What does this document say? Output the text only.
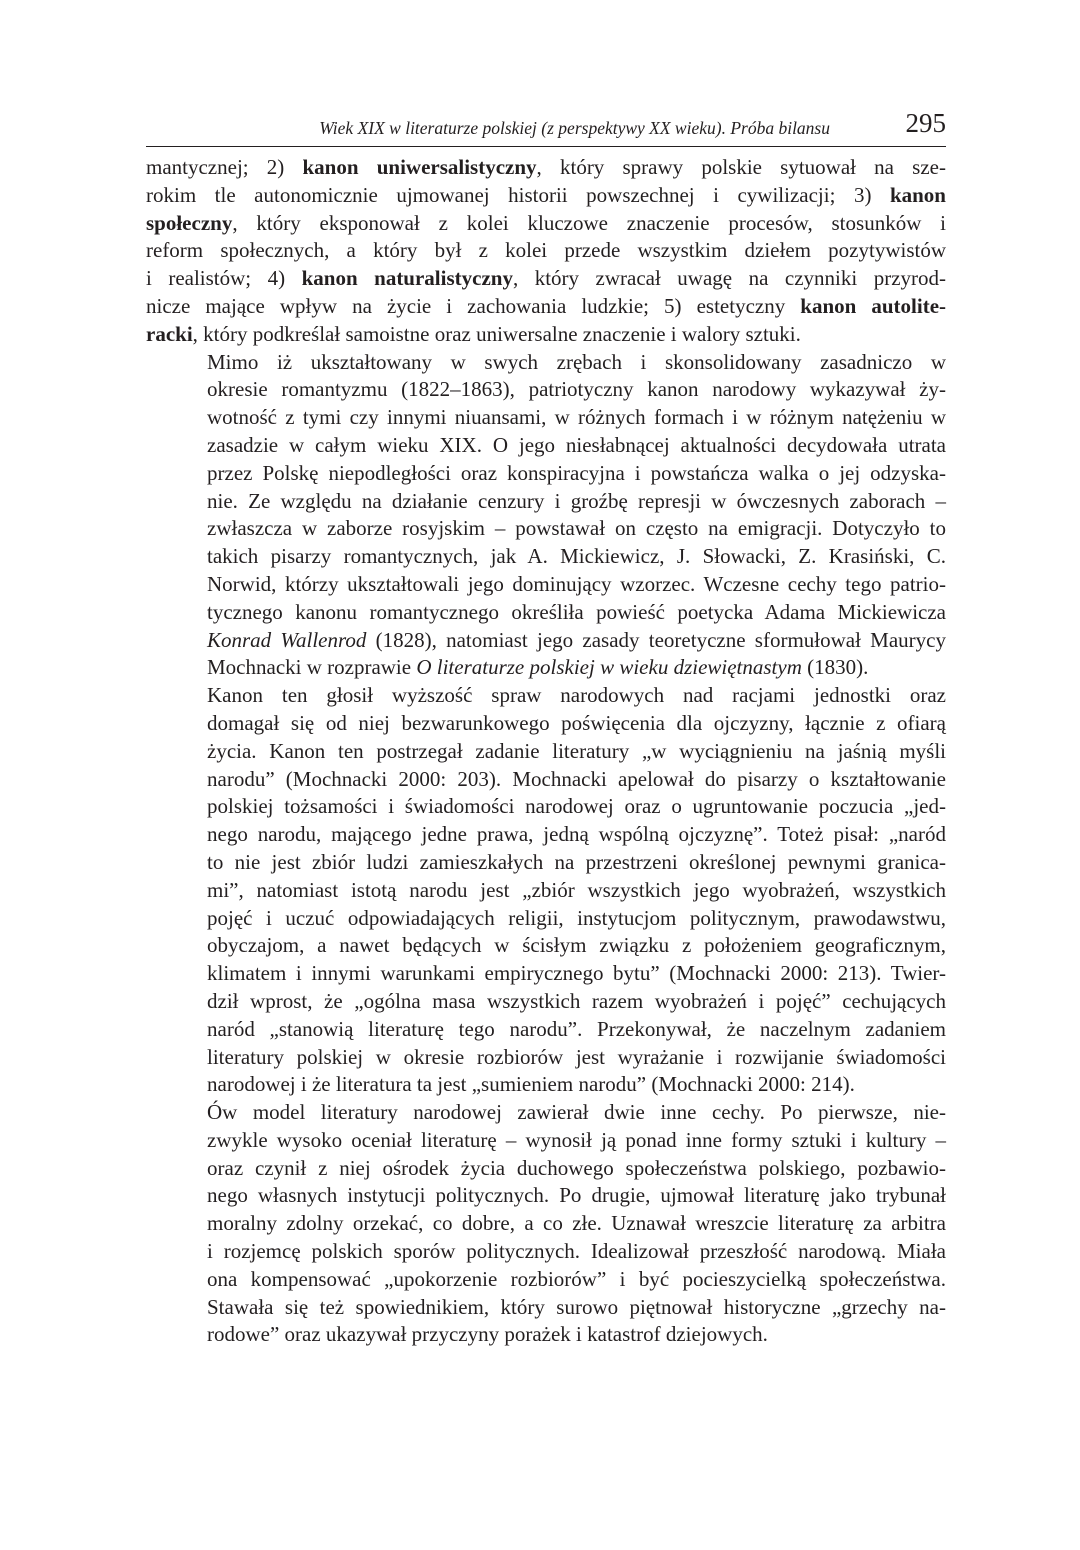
Wiek XIX w literaturze polskiej (z perspektywy XX wieku). Próba bilansu	295
mantycznej; 2) kanon uniwersalistyczny, który sprawy polskie sytuował na sze-
rokim tle autonomicznie ujmowanej historii powszechnej i cywilizacji; 3) kanon
społeczny, który eksponował z kolei kluczowe znaczenie procesów, stosunków i
reform społecznych, a który był z kolei przede wszystkim dziełem pozytywistów
i realistów; 4) kanon naturalistyczny, który zwracał uwagę na czynniki przyrod-
nicze mające wpływ na życie i zachowania ludzkie; 5) estetyczny kanon autolite-
racki, który podkreślał samoistne oraz uniwersalne znaczenie i walory sztuki.
Mimo iż ukształtowany w swych zrębach i skonsolidowany zasadniczo w
okresie romantyzmu (1822–1863), patriotyczny kanon narodowy wykazywał ży-
wotność z tymi czy innymi niuansami, w różnych formach i w różnym natężeniu w
zasadzie w całym wieku XIX. O jego niesłabnącej aktualności decydowała utrata
przez Polskę niepodległości oraz konspiracyjna i powstańcza walka o jej odzyska-
nie. Ze względu na działanie cenzury i groźbę represji w ówczesnych zaborach –
zwłaszcza w zaborze rosyjskim – powstawał on często na emigracji. Dotyczyło to
takich pisarzy romantycznych, jak A. Mickiewicz, J. Słowacki, Z. Krasiński, C.
Norwid, którzy ukształtowali jego dominujący wzorzec. Wczesne cechy tego patrio-
tycznego kanonu romantycznego określiła powieść poetycka Adama Mickiewicza
Konrad Wallenrod (1828), natomiast jego zasady teoretyczne sformułował Maurycy
Mochnacki w rozprawie O literaturze polskiej w wieku dziewiętnastym (1830).
Kanon ten głosił wyższość spraw narodowych nad racjami jednostki oraz
domagał się od niej bezwarunkowego poświęcenia dla ojczyzny, łącznie z ofiarą
życia. Kanon ten postrzegał zadanie literatury „w wyciągnieniu na jaśnią myśli
narodu” (Mochnacki 2000: 203). Mochnacki apelował do pisarzy o kształtowanie
polskiej tożsamości i świadomości narodowej oraz o ugruntowanie poczucia „jed-
nego narodu, mającego jedne prawa, jedną wspólną ojczyznę”. Toteż pisał: „naród
to nie jest zbiór ludzi zamieszkałych na przestrzeni określonej pewnymi granica-
mi”, natomiast istotą narodu jest „zbiór wszystkich jego wyobrażeń, wszystkich
pojęć i uczuć odpowiadających religii, instytucjom politycznym, prawodawstwu,
obyczajom, a nawet będących w ścisłym związku z położeniem geograficznym,
klimatem i innymi warunkami empirycznego bytu” (Mochnacki 2000: 213). Twier-
dził wprost, że „ogólna masa wszystkich razem wyobrażeń i pojęć” cechujących
naród „stanowią literaturę tego narodu”. Przekonywał, że naczelnym zadaniem
literatury polskiej w okresie rozbiorów jest wyrażanie i rozwijanie świadomości
narodowej i że literatura ta jest „sumieniem narodu” (Mochnacki 2000: 214).
Ów model literatury narodowej zawierał dwie inne cechy. Po pierwsze, nie-
zwykle wysoko oceniał literaturę – wynosił ją ponad inne formy sztuki i kultury –
oraz czynił z niej ośrodek życia duchowego społeczeństwa polskiego, pozbawio-
nego własnych instytucji politycznych. Po drugie, ujmował literaturę jako trybunał
moralny zdolny orzekać, co dobre, a co złe. Uznawał wreszcie literaturę za arbitra
i rozjemcę polskich sporów politycznych. Idealizował przeszłość narodową. Miała
ona kompensować „upokorzenie rozbiorów” i być pocieszycielką społeczeństwa.
Stawała się też spowiednikiem, który surowo piętnował historyczne „grzechy na-
rodowe” oraz ukazywał przyczyny porażek i katastrof dziejowych.
